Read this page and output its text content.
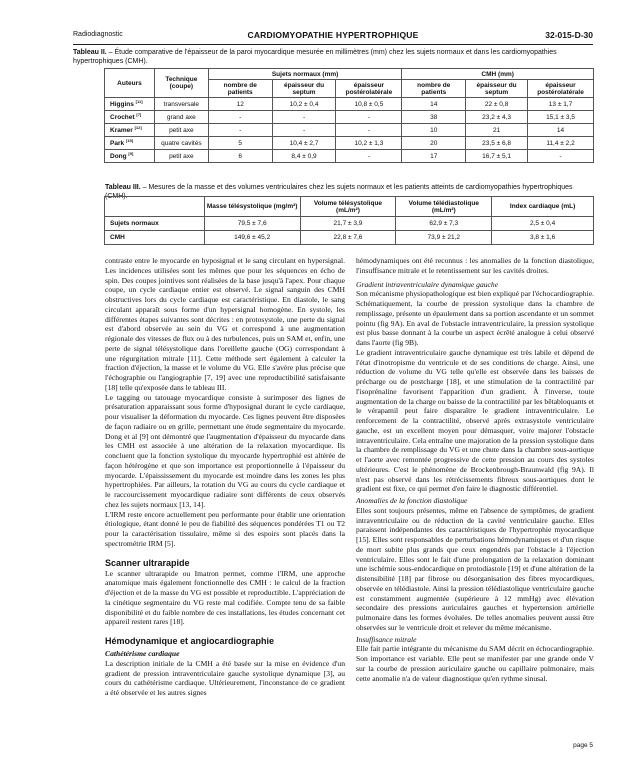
Radiodiagnostic	CARDIOMYOPATHIE HYPERTROPHIQUE	32-015-D-30
Tableau II. – Étude comparative de l'épaisseur de la paroi myocardique mesurée en millimètres (mm) chez les sujets normaux et dans les cardiomyopathies hypertrophiques (CMH).
Auteurs	Technique (coupe)	Sujets normaux (mm)			CMH (mm)		
		nombre de patients	épaisseur du septum	épaisseur postérolatérale	nombre de patients	épaisseur du septum	épaisseur postérolatérale
Higgins [11]	transversale	12	10,2 ± 0,4	10,8 ± 0,5	14	22 ± 0,8	13 ± 1,7
Crochet [7]	grand axe	-	-	-	38	23,2 ± 4,3	15,1 ± 3,5
Kramer [12]	petit axe	-	-	-	10	21	14
Park [15]	quatre cavités	5	10,4 ± 2,7	10,2 ± 1,3	20	23,5 ± 6,8	11,4 ± 2,2
Dong [9]	petit axe	6	8,4 ± 0,9	-	17	16,7 ± 5,1	-
Tableau III. – Mesures de la masse et des volumes ventriculaires chez les sujets normaux et les patients atteints de cardiomyopathies hypertrophiques (CMH).
	Masse télésystolique (mg/m²)	Volume télésystolique (mL/m²)	Volume télédiastolique (mL/m²)	Index cardiaque (mL)
Sujets normaux	79,5 ± 7,6	21,7 ± 3,9	62,9 ± 7,3	2,5 ± 0,4
CMH	149,6 ± 45,2	22,8 ± 7,6	73,9 ± 21,2	3,8 ± 1,6

contraste entre le myocarde en hyposignal et le sang circulant en hypersignal. Les incidences utilisées sont les mêmes que pour les séquences en écho de spin. Des coupes jointives sont réalisées de la base jusqu'à l'apex. Pour chaque coupe, un cycle cardiaque entier est observé. Le signal sanguin des CMH obstructives lors du cycle cardiaque est caractéristique. En diastole, le sang circulant apparaît sous forme d'un hypersignal homogène. En systole, les différentes étapes suivantes sont décrites : en protosystole, une perte du signal est d'abord observée au sein du VG et correspond à une augmentation régionale des vitesses de flux ou à des turbulences, puis un SAM et, enfin, une perte de signal télésystolique dans l'oreillette gauche (OG) correspondant à une régurgitation mitrale [11]. Cette méthode sert également à calculer la fraction d'éjection, la masse et le volume du VG. Elle s'avère plus précise que l'échographie ou l'angiographie [7, 19] avec une reproductibilité satisfaisante [18] telle qu'exposée dans le tableau III.

Le tagging ou tatouage myocardique consiste à surimposer des lignes de présaturation apparaissant sous forme d'hyposignal durant le cycle cardiaque, pour visualiser la déformation du myocarde. Ces lignes peuvent être disposées de façon radiaire ou en grille, permettant une étude segmentaire du myocarde. Dong et al [9] ont démontré que l'augmentation d'épaisseur du myocarde dans les CMH est associée à une altération de la relaxation myocardique. Ils concluent que la fonction systolique du myocarde hypertrophié est altérée de façon hétérogène et que son importance est proportionnelle à l'épaisseur du myocarde. L'épaississement du myocarde est moindre dans les zones les plus hypertrophiées. Par ailleurs, la rotation du VG au cours du cycle cardiaque et le raccourcissement myocardique radiaire sont différents de ceux observés chez les sujets normaux [13, 14].

L'IRM reste encore actuellement peu performante pour établir une orientation étiologique, étant donné le peu de fiabilité des séquences pondérées T1 ou T2 pour la caractérisation tissulaire, même si des espoirs sont placés dans la spectrométrie IRM [5].

Scanner ultrarapide

Le scanner ultrarapide ou Imatron permet, comme l'IRM, une approche anatomique mais également fonctionnelle des CMH : le calcul de la fraction d'éjection et de la masse du VG est possible et reproductible. L'appréciation de la cinétique segmentaire du VG reste mal codifiée. Compte tenu de sa faible disponibilité et du faible nombre de ces installations, les études concernant cet appareil restent rares [18].

Hémodynamique et angiocardiographie

Cathétérisme cardiaque

La description initiale de la CMH a été basée sur la mise en évidence d'un gradient de pression intraventriculaire gauche systolique dynamique [3], au cours du cathétérisme cardiaque. Ultérieurement, l'inconstance de ce gradient a été observée et les autres signes

hémodynamiques ont été reconnus : les anomalies de la fonction diastolique, l'insuffisance mitrale et le retentissement sur les cavités droites.

Gradient intraventriculaire dynamique gauche

Son mécanisme physiopathologique est bien expliqué par l'échocardiographie. Schématiquement, la courbe de pression systolique dans la chambre de remplissage, présente un épaulement dans sa portion ascendante et un sommet pointu (fig 9A). En aval de l'obstacle intraventriculaire, la pression systolique est plus basse donnant à la courbe un aspect écrêté analogue à celui observé dans l'aorte (fig 9B).

Le gradient intraventriculaire gauche dynamique est très labile et dépend de l'état d'inotropisme du ventricule et de ses conditions de charge. Ainsi, une réduction de volume du VG telle qu'elle est observée dans les baisses de précharge ou de postcharge [18], et une stimulation de la contractilité par l'isoprénaline favorisent l'apparition d'un gradient. À l'inverse, toute augmentation de la charge ou baisse de la contractilité par les bêtabloquants et le vérapamil peut faire disparaître le gradient intraventriculaire. Le renforcement de la contractilité, observé après extrasystole ventriculaire gauche, est un excellent moyen pour démasquer, voire majorer l'obstacle intraventriculaire. Cela entraîne une majoration de la pression systolique dans la chambre de remplissage du VG et une chute dans la chambre sous-aortique et l'aorte avec remontée progressive de cette pression au cours des systoles ultérieures. C'est le phénomène de Brockenbrough-Braunwald (fig 9A). Il n'est pas observé dans les rétrécissements fibreux sous-aortiques dont le gradient est fixe, ce qui permet d'en faire le diagnostic différentiel.

Anomalies de la fonction diastolique

Elles sont toujours présentes, même en l'absence de symptômes, de gradient intraventriculaire ou de réduction de la cavité ventriculaire gauche. Elles paraissent indépendantes des caractéristiques de l'hypertrophie myocardique [15]. Elles sont responsables de perturbations hémodynamiques et d'un risque de mort subite plus grands que ceux engendrés par l'obstacle à l'éjection ventriculaire. Elles sont le fait d'une prolongation de la relaxation dominant une ischémie sous-endocardique en protodiastole [19] et d'une altération de la distensibilité [18] par fibrose ou désorganisation des fibres myocardiques, observée en télédiastole. Ainsi la pression télédiastolique ventriculaire gauche est constamment augmentée (supérieure à 12 mmHg) avec élévation secondaire des pressions auriculaires gauches et hypertension artérielle pulmonaire dans les formes évoluées. De telles anomalies peuvent aussi être observées sur le ventricule droit et relever du même mécanisme.

Insuffisance mitrale

Elle fait partie intégrante du mécanisme du SAM décrit en échocardiographie. Son importance est variable. Elle peut se manifester par une grande onde V sur la courbe de pression auriculaire gauche ou capillaire pulmonaire, mais cette anomalie n'a de valeur diagnostique qu'en rythme sinusal.

page 5
